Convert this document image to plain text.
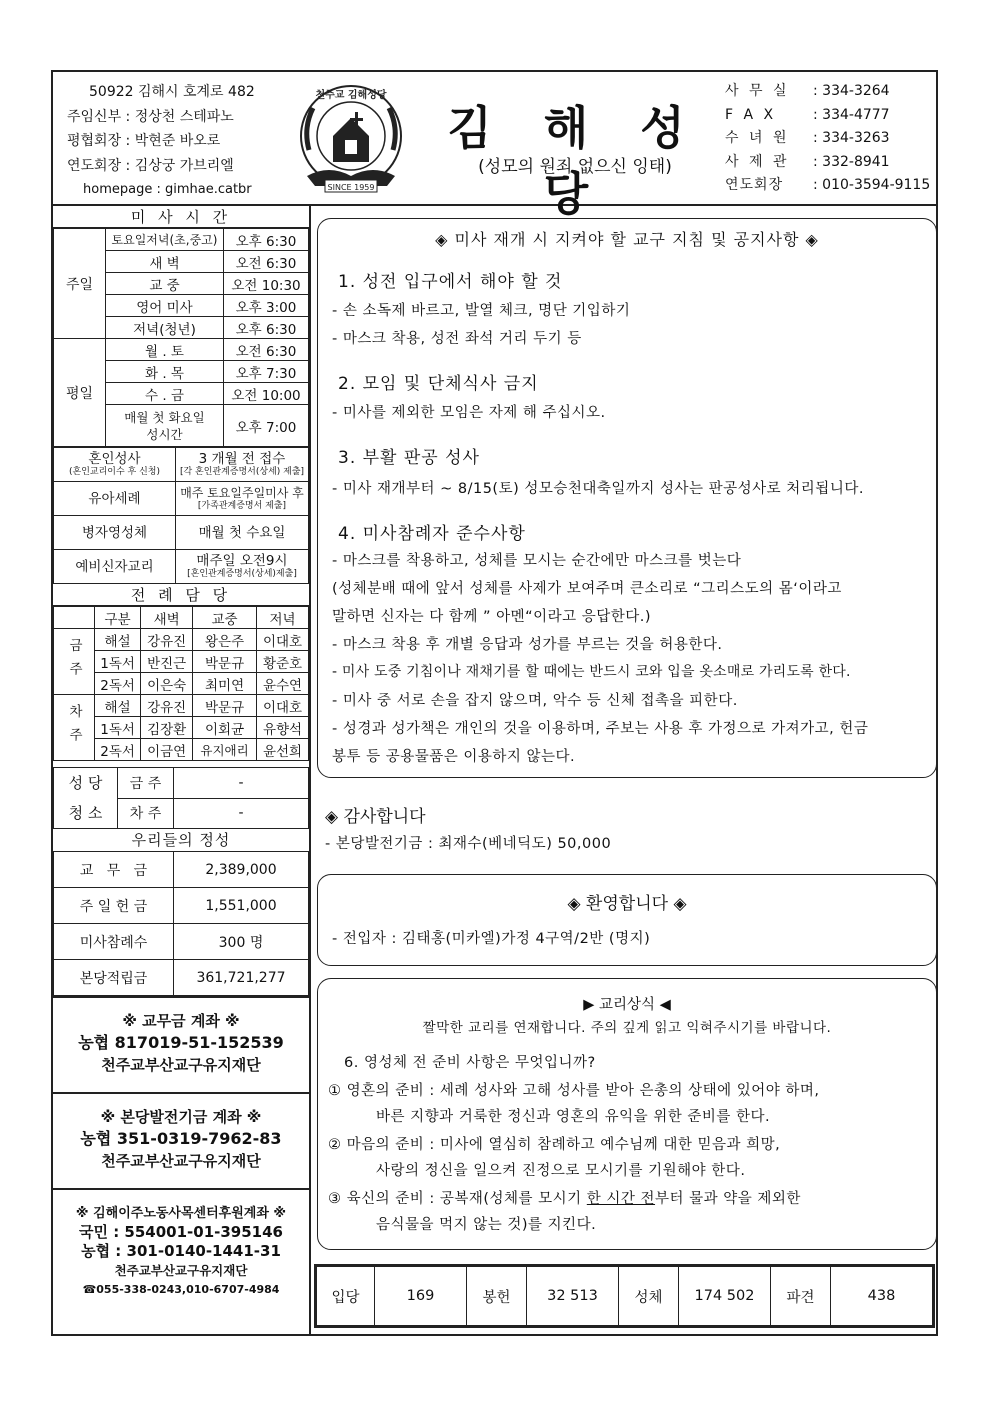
50922 김해시 호계로 482
주임신부 : 정상천 스테파노
평협회장 : 박현준 바오로
연도회장 : 김상궁 가브리엘
homepage : gimhae.catbr
천주교 김해성당
SINCE 1959
김 해 성 당
(성모의 원죄 없으신 잉태)
사 무 실	: 334-3264
F A X	: 334-4777
수 녀 원	: 334-3263
사 제 관	: 332-8941
연도회장	: 010-3594-9115
미 사 시 간
주일	토요일저녁(초,중고)	오후 6:30
	새 벽	오전 6:30
	교 중	오전 10:30
	영어 미사	오후 3:00
	저녁(청년)	오후 6:30
평일	월 . 토	오전 6:30
	화 . 목	오후 7:30
	수 . 금	오전 10:00
	매월 첫 화요일 성시간	오후 7:00
혼인성사
(혼인교리이수 후 신청)	3 개월 전 접수
[각 혼인관계증명서(상세) 제출]

유아세례	매주 토요일주일미사 후
[가족관계증명서 제출]

병자영성체	매월 첫 수요일
예비신자교리	매주일 오전9시
[혼인관계증명서(상세)제출]
전 례 담 당
	구분	새벽	교중	저녁
금주	해설	강유진	왕은주	이대호
	1독서	반진근	박문규	황준호
	2독서	이은숙	최미연	윤수연
차주	해설	강유진	박문규	이대호
	1독서	김장환	이회균	유향석
	2독서	이금연	유지애리	윤선희
성 당 청 소	금 주	-
	차 주	-
우리들의 정성
교   무   금	2,389,000
주 일 헌 금	1,551,000
미사참례수	300 명
본당적립금	361,721,277
※ 교무금 계좌 ※
농협 817019-51-152539
천주교부산교구유지재단
※ 본당발전기금 계좌 ※
농협 351-0319-7962-83
천주교부산교구유지재단
※ 김해이주노동사목센터후원계좌 ※
국민 : 554001-01-395146
농협 : 301-0140-1441-31
천주교부산교구유지재단
☎055-338-0243,010-6707-4984
◈ 미사 재개 시 지켜야 할 교구 지침 및 공지사항 ◈
1. 성전 입구에서 해야 할 것
- 손 소독제 바르고, 발열 체크, 명단 기입하기
- 마스크 착용, 성전 좌석 거리 두기 등
2. 모임 및 단체식사 금지
- 미사를 제외한 모임은 자제 해 주십시오.
3. 부활 판공 성사
- 미사 재개부터 ~ 8/15(토) 성모승천대축일까지 성사는 판공성사로 처리됩니다.
4. 미사참례자 준수사항
- 마스크를 착용하고, 성체를 모시는 순간에만 마스크를 벗는다
(성체분배 때에 앞서 성체를 사제가 보여주며 큰소리로 “그리스도의 몸‘이라고
말하면 신자는 다 함께 ” 아멘“이라고 응답한다.)
- 마스크 착용 후 개별 응답과 성가를 부르는 것을 허용한다.
- 미사 도중 기침이나 재채기를 할 때에는 반드시 코와 입을 옷소매로 가리도록 한다.
- 미사 중 서로 손을 잡지 않으며, 악수 등 신체 접촉을 피한다.
- 성경과 성가책은 개인의 것을 이용하며, 주보는 사용 후 가정으로 가져가고, 헌금
봉투 등 공용물품은 이용하지 않는다.
◈ 감사합니다
- 본당발전기금 : 최재수(베네딕도) 50,000
◈ 환영합니다 ◈
- 전입자 : 김태홍(미카엘)가정 4구역/2반 (명지)
▶ 교리상식 ◀
짤막한 교리를 연재합니다. 주의 깊게 읽고 익혀주시기를 바랍니다.
6. 영성체 전 준비 사항은 무엇입니까?
① 영혼의 준비 : 세례 성사와 고해 성사를 받아 은총의 상태에 있어야 하며,
바른 지향과 거룩한 정신과 영혼의 유익을 위한 준비를 한다.
② 마음의 준비 : 미사에 열심히 참례하고 예수님께 대한 믿음과 희망,
사랑의 정신을 일으켜 진정으로 모시기를 기원해야 한다.
③ 육신의 준비 : 공복재(성체를 모시기 한 시간 전부터 물과 약을 제외한
음식물을 먹지 않는 것)를 지킨다.
입당	169	봉헌	32 513	성체	174 502	파견	438
